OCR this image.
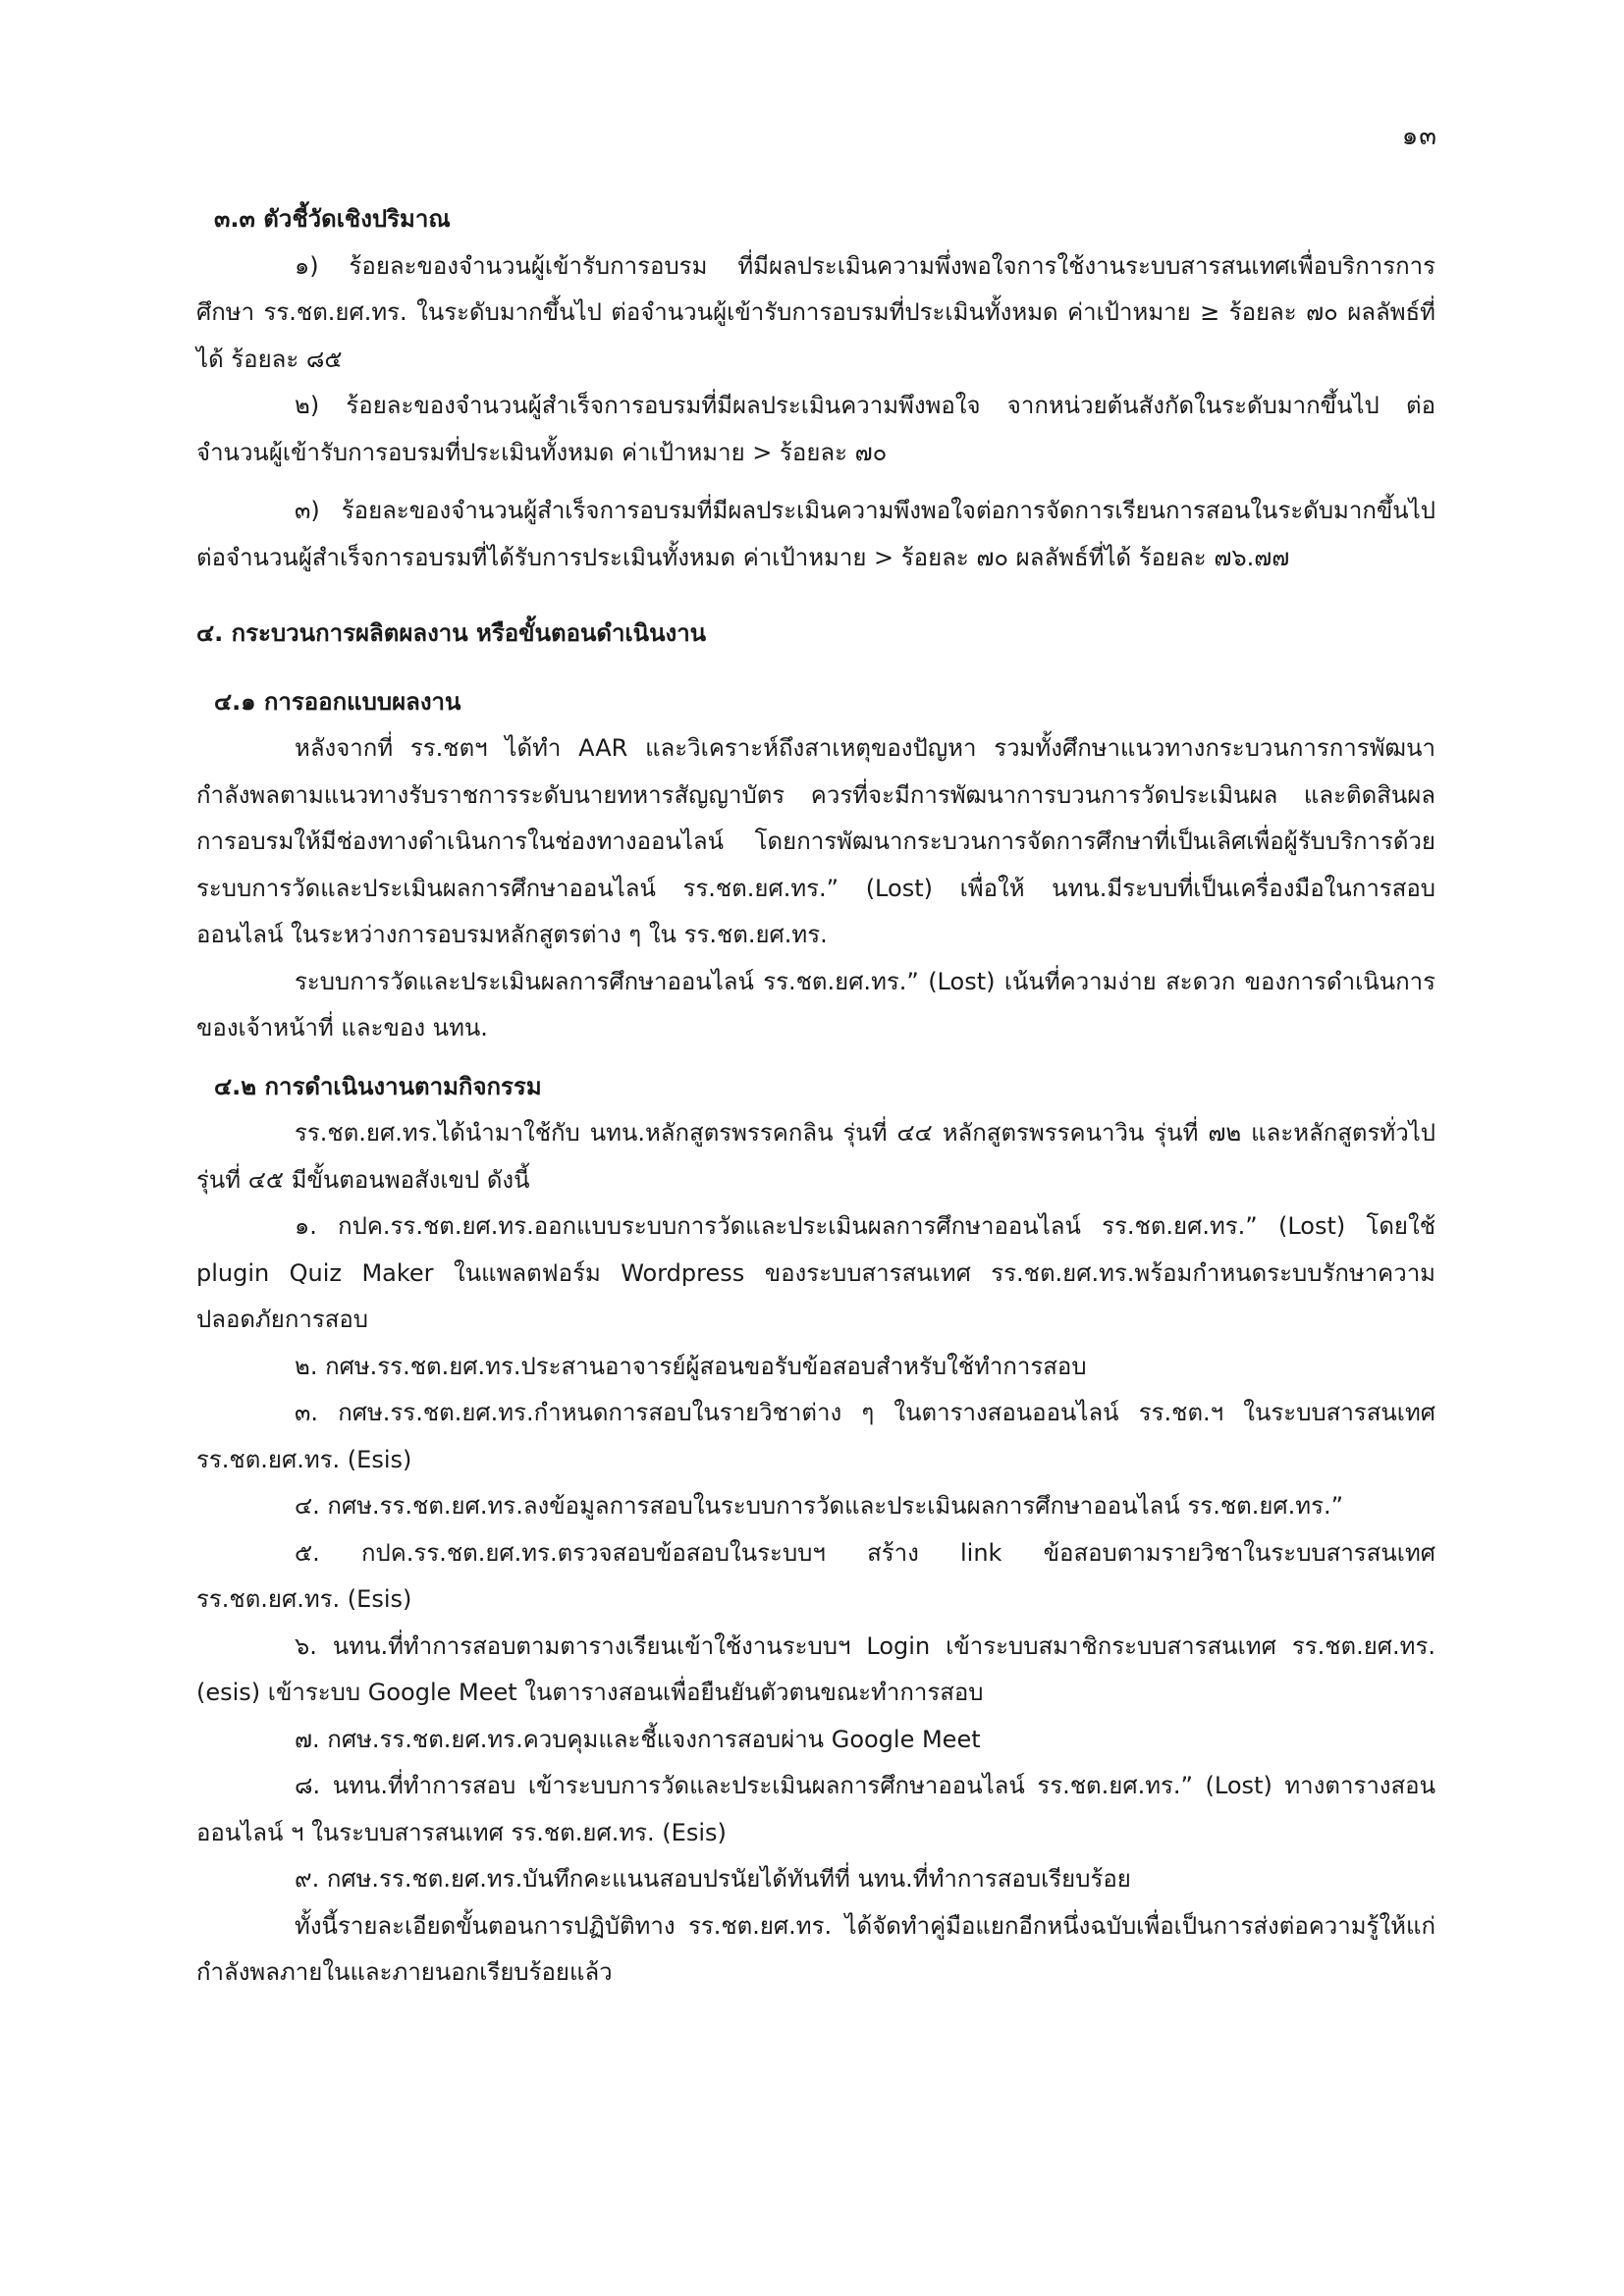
๑๓

๓.๓ ตัวชี้วัดเชิงปริมาณ

๑) ร้อยละของจำนวนผู้เข้ารับการอบรม ที่มีผลประเมินความพึ่งพอใจการใช้งานระบบสารสนเทศเพื่อบริการการศึกษา รร.ชต.ยศ.ทร. ในระดับมากขึ้นไป ต่อจำนวนผู้เข้ารับการอบรมที่ประเมินทั้งหมด ค่าเป้าหมาย ≥ ร้อยละ ๗๐ ผลลัพธ์ที่ได้ ร้อยละ ๘๕

๒) ร้อยละของจำนวนผู้สำเร็จการอบรมที่มีผลประเมินความพึงพอใจ จากหน่วยต้นสังกัดในระดับมากขึ้นไป ต่อจำนวนผู้เข้ารับการอบรมที่ประเมินทั้งหมด ค่าเป้าหมาย > ร้อยละ ๗๐

๓) ร้อยละของจำนวนผู้สำเร็จการอบรมที่มีผลประเมินความพึงพอใจต่อการจัดการเรียนการสอนในระดับมากขึ้นไป ต่อจำนวนผู้สำเร็จการอบรมที่ได้รับการประเมินทั้งหมด ค่าเป้าหมาย > ร้อยละ ๗๐ ผลลัพธ์ที่ได้ ร้อยละ ๗๖.๗๗

๔. กระบวนการผลิตผลงาน หรือขั้นตอนดำเนินงาน

๔.๑ การออกแบบผลงาน

หลังจากที่ รร.ชตฯ ได้ทำ AAR และวิเคราะห์ถึงสาเหตุของปัญหา รวมทั้งศึกษาแนวทางกระบวนการการพัฒนากำลังพลตามแนวทางรับราชการระดับนายทหารสัญญาบัตร ควรที่จะมีการพัฒนาการบวนการวัดประเมินผล และติดสินผลการอบรมให้มีช่องทางดำเนินการในช่องทางออนไลน์ โดยการพัฒนากระบวนการจัดการศึกษาที่เป็นเลิศเพื่อผู้รับบริการด้วยระบบการวัดและประเมินผลการศึกษาออนไลน์ รร.ชต.ยศ.ทร.” (Lost) เพื่อให้ นทน.มีระบบที่เป็นเครื่องมือในการสอบออนไลน์ ในระหว่างการอบรมหลักสูตรต่าง ๆ ใน รร.ชต.ยศ.ทร.

ระบบการวัดและประเมินผลการศึกษาออนไลน์ รร.ชต.ยศ.ทร.” (Lost) เน้นที่ความง่าย สะดวก ของการดำเนินการของเจ้าหน้าที่ และของ นทน.

๔.๒ การดำเนินงานตามกิจกรรม

รร.ชต.ยศ.ทร.ได้นำมาใช้กับ นทน.หลักสูตรพรรคกลิน รุ่นที่ ๔๔ หลักสูตรพรรคนาวิน รุ่นที่ ๗๒ และหลักสูตรทั่วไป รุ่นที่ ๔๕ มีขั้นตอนพอสังเขป ดังนี้

๑. กปค.รร.ชต.ยศ.ทร.ออกแบบระบบการวัดและประเมินผลการศึกษาออนไลน์ รร.ชต.ยศ.ทร.” (Lost) โดยใช้ plugin Quiz Maker ในแพลตฟอร์ม Wordpress ของระบบสารสนเทศ รร.ชต.ยศ.ทร.พร้อมกำหนดระบบรักษาความปลอดภัยการสอบ

๒. กศษ.รร.ชต.ยศ.ทร.ประสานอาจารย์ผู้สอนขอรับข้อสอบสำหรับใช้ทำการสอบ

๓. กศษ.รร.ชต.ยศ.ทร.กำหนดการสอบในรายวิชาต่าง ๆ ในตารางสอนออนไลน์ รร.ชต.ฯ ในระบบสารสนเทศ รร.ชต.ยศ.ทร. (Esis)

๔. กศษ.รร.ชต.ยศ.ทร.ลงข้อมูลการสอบในระบบการวัดและประเมินผลการศึกษาออนไลน์ รร.ชต.ยศ.ทร.”

๕. กปค.รร.ชต.ยศ.ทร.ตรวจสอบข้อสอบในระบบฯ สร้าง link ข้อสอบตามรายวิชาในระบบสารสนเทศ รร.ชต.ยศ.ทร. (Esis)

๖. นทน.ที่ทำการสอบตามตารางเรียนเข้าใช้งานระบบฯ Login เข้าระบบสมาชิกระบบสารสนเทศ รร.ชต.ยศ.ทร. (esis) เข้าระบบ Google Meet ในตารางสอนเพื่อยืนยันตัวตนขณะทำการสอบ

๗. กศษ.รร.ชต.ยศ.ทร.ควบคุมและชี้แจงการสอบผ่าน Google Meet

๘. นทน.ที่ทำการสอบ เข้าระบบการวัดและประเมินผลการศึกษาออนไลน์ รร.ชต.ยศ.ทร.” (Lost) ทางตารางสอนออนไลน์ ฯ ในระบบสารสนเทศ รร.ชต.ยศ.ทร. (Esis)

๙. กศษ.รร.ชต.ยศ.ทร.บันทึกคะแนนสอบปรนัยได้ทันทีที่ นทน.ที่ทำการสอบเรียบร้อย

ทั้งนี้รายละเอียดขั้นตอนการปฏิบัติทาง รร.ชต.ยศ.ทร. ได้จัดทำคู่มือแยกอีกหนึ่งฉบับเพื่อเป็นการส่งต่อความรู้ให้แก่กำลังพลภายในและภายนอกเรียบร้อยแล้ว
